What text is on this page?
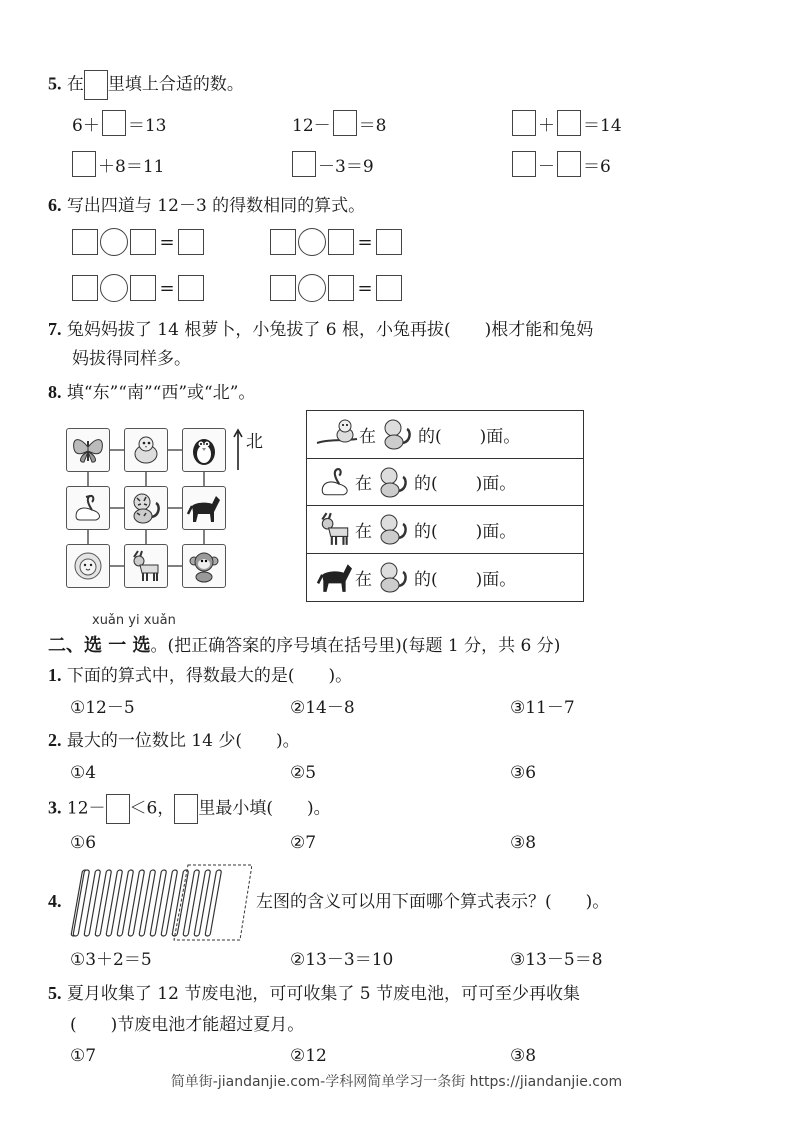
5. 在 里填上合适的数。
6＋ ＝13	12－ ＝8	＋ ＝14
＋8＝11	－3＝9	－ ＝6
6. 写出四道与 12－3 的得数相同的算式。
=	=
=	=
7. 兔妈妈拔了 14 根萝卜，小兔拔了 6 根，小兔再拔(　　)根才能和兔妈
妈拔得同样多。
8. 填“东”“南”“西”或“北”。
北	在 的( )面。
在 的( )面。
在 的( )面。
在 的( )面。
xuǎn yi xuǎn
二、选 一 选。(把正确答案的序号填在括号里)(每题 1 分，共 6 分)
1. 下面的算式中，得数最大的是(　　)。
①12－5	②14－8	③11－7
2. 最大的一位数比 14 少(　　)。
①4	②5	③6
3. 12－ ＜6， 里最小填(　　)。
①6	②7	③8
4.	左图的含义可以用下面哪个算式表示？(　　)。
①3＋2＝5	②13－3＝10	③13－5＝8
5. 夏月收集了 12 节废电池，可可收集了 5 节废电池，可可至少再收集
(　　)节废电池才能超过夏月。
①7	②12	③8
简单街-jiandanjie.com-学科网简单学习一条街 https://jiandanjie.com
